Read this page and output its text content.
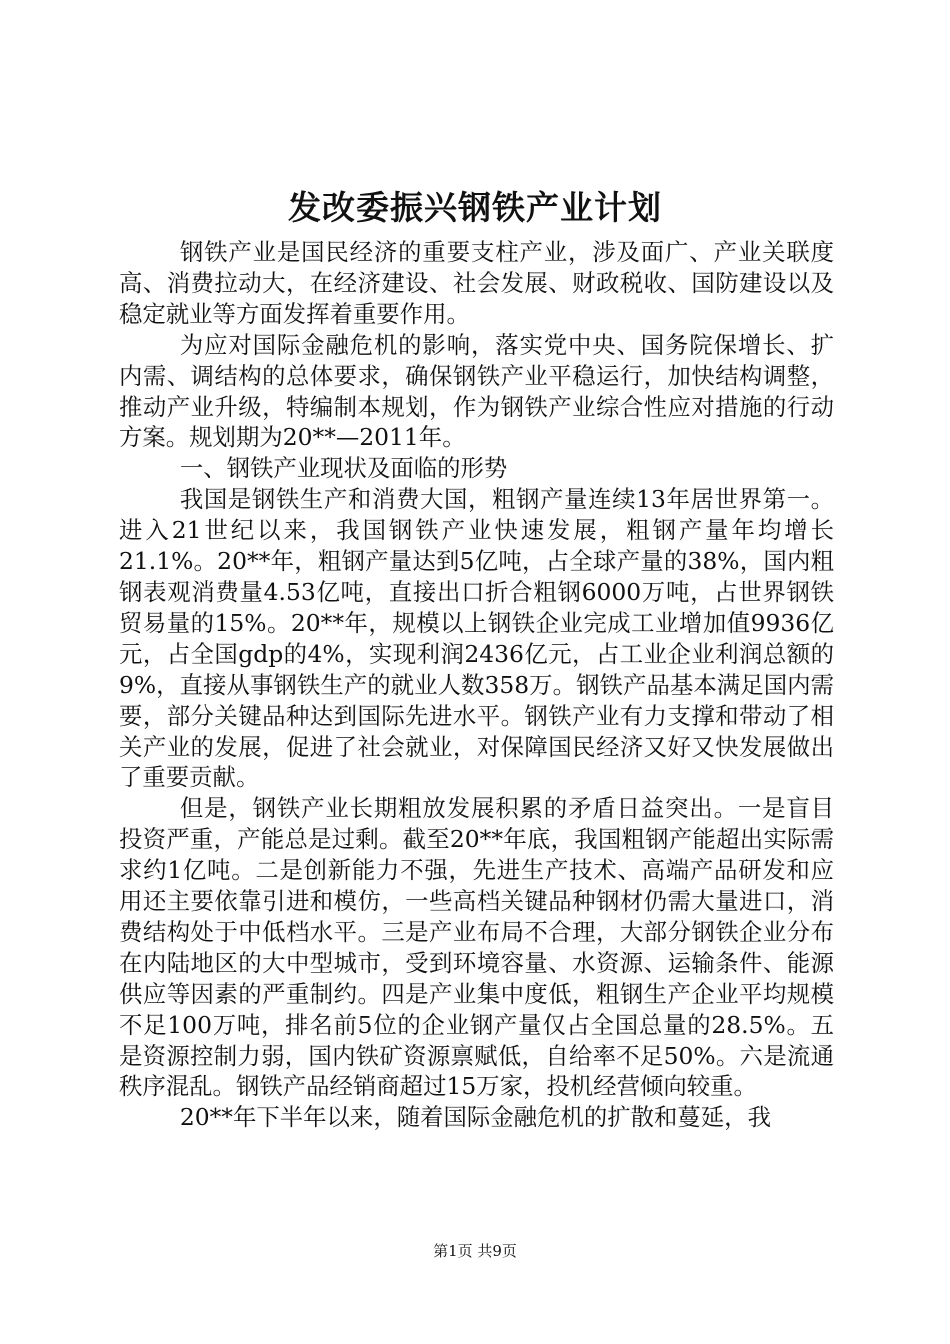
发改委振兴钢铁产业计划

钢铁产业是国民经济的重要支柱产业，涉及面广、产业关联度高、消费拉动大，在经济建设、社会发展、财政税收、国防建设以及稳定就业等方面发挥着重要作用。

为应对国际金融危机的影响，落实党中央、国务院保增长、扩内需、调结构的总体要求，确保钢铁产业平稳运行，加快结构调整，推动产业升级，特编制本规划，作为钢铁产业综合性应对措施的行动方案。规划期为20**—2011年。

一、钢铁产业现状及面临的形势

我国是钢铁生产和消费大国，粗钢产量连续13年居世界第一。进入21世纪以来，我国钢铁产业快速发展，粗钢产量年均增长21.1%。20**年，粗钢产量达到5亿吨，占全球产量的38%，国内粗钢表观消费量4.53亿吨，直接出口折合粗钢6000万吨，占世界钢铁贸易量的15%。20**年，规模以上钢铁企业完成工业增加值9936亿元，占全国gdp的4%，实现利润2436亿元，占工业企业利润总额的9%，直接从事钢铁生产的就业人数358万。钢铁产品基本满足国内需要，部分关键品种达到国际先进水平。钢铁产业有力支撑和带动了相关产业的发展，促进了社会就业，对保障国民经济又好又快发展做出了重要贡献。

但是，钢铁产业长期粗放发展积累的矛盾日益突出。一是盲目投资严重，产能总是过剩。截至20**年底，我国粗钢产能超出实际需求约1亿吨。二是创新能力不强，先进生产技术、高端产品研发和应用还主要依靠引进和模仿，一些高档关键品种钢材仍需大量进口，消费结构处于中低档水平。三是产业布局不合理，大部分钢铁企业分布在内陆地区的大中型城市，受到环境容量、水资源、运输条件、能源供应等因素的严重制约。四是产业集中度低，粗钢生产企业平均规模不足100万吨，排名前5位的企业钢产量仅占全国总量的28.5%。五是资源控制力弱，国内铁矿资源禀赋低，自给率不足50%。六是流通秩序混乱。钢铁产品经销商超过15万家，投机经营倾向较重。

20**年下半年以来，随着国际金融危机的扩散和蔓延，我

第1页 共9页
